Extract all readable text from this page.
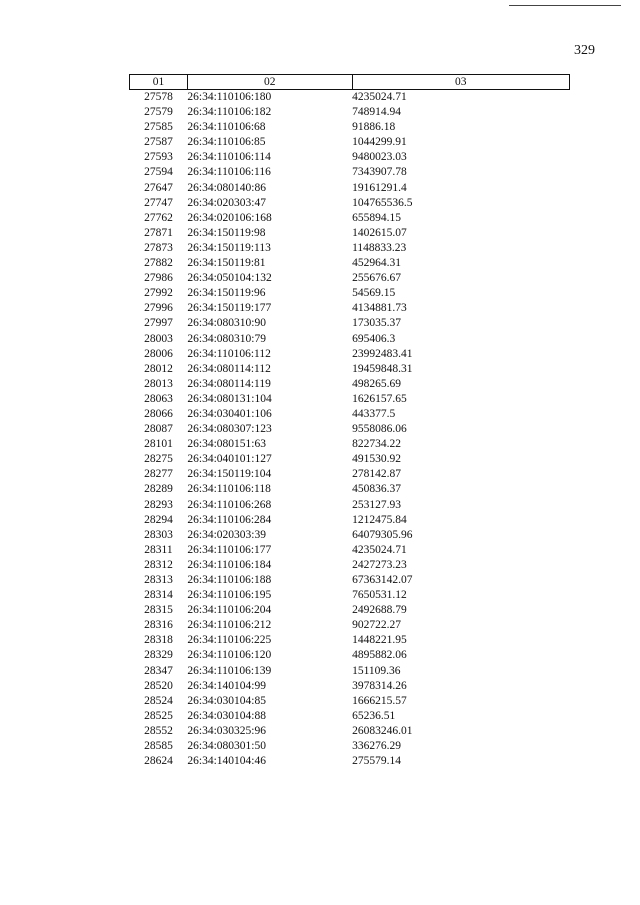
329
01	02	03
27578	26:34:110106:180	4235024.71
27579	26:34:110106:182	748914.94
27585	26:34:110106:68	91886.18
27587	26:34:110106:85	1044299.91
27593	26:34:110106:114	9480023.03
27594	26:34:110106:116	7343907.78
27647	26:34:080140:86	19161291.4
27747	26:34:020303:47	104765536.5
27762	26:34:020106:168	655894.15
27871	26:34:150119:98	1402615.07
27873	26:34:150119:113	1148833.23
27882	26:34:150119:81	452964.31
27986	26:34:050104:132	255676.67
27992	26:34:150119:96	54569.15
27996	26:34:150119:177	4134881.73
27997	26:34:080310:90	173035.37
28003	26:34:080310:79	695406.3
28006	26:34:110106:112	23992483.41
28012	26:34:080114:112	19459848.31
28013	26:34:080114:119	498265.69
28063	26:34:080131:104	1626157.65
28066	26:34:030401:106	443377.5
28087	26:34:080307:123	9558086.06
28101	26:34:080151:63	822734.22
28275	26:34:040101:127	491530.92
28277	26:34:150119:104	278142.87
28289	26:34:110106:118	450836.37
28293	26:34:110106:268	253127.93
28294	26:34:110106:284	1212475.84
28303	26:34:020303:39	64079305.96
28311	26:34:110106:177	4235024.71
28312	26:34:110106:184	2427273.23
28313	26:34:110106:188	67363142.07
28314	26:34:110106:195	7650531.12
28315	26:34:110106:204	2492688.79
28316	26:34:110106:212	902722.27
28318	26:34:110106:225	1448221.95
28329	26:34:110106:120	4895882.06
28347	26:34:110106:139	151109.36
28520	26:34:140104:99	3978314.26
28524	26:34:030104:85	1666215.57
28525	26:34:030104:88	65236.51
28552	26:34:030325:96	26083246.01
28585	26:34:080301:50	336276.29
28624	26:34:140104:46	275579.14
